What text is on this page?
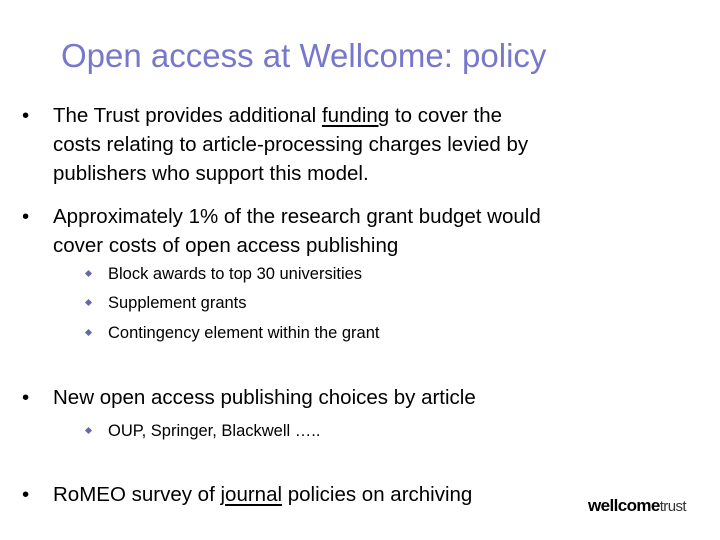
Open access at Wellcome: policy
• The Trust provides additional funding to cover the
costs relating to article-processing charges levied by
publishers who support this model.
• Approximately 1% of the research grant budget would
cover costs of open access publishing
Block awards to top 30 universities
Supplement grants
Contingency element within the grant
• New open access publishing choices by article
OUP, Springer, Blackwell …..
• RoMEO survey of journal policies on archiving	wellcometrust
